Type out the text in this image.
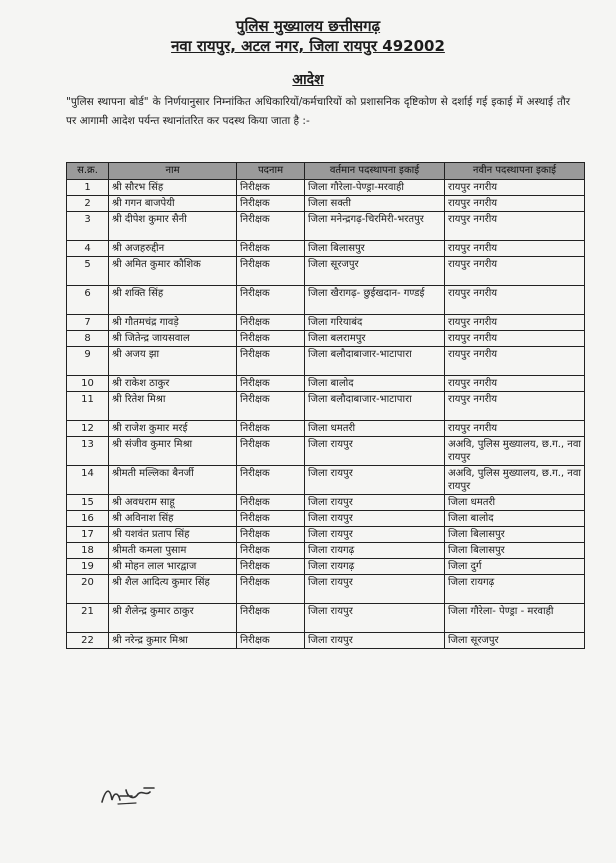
पुलिस मुख्यालय छत्तीसगढ़
नवा रायपुर, अटल नगर, जिला रायपुर 492002
आदेश
"पुलिस स्थापना बोर्ड" के निर्णयानुसार निम्नांकित अधिकारियों/कर्मचारियों को प्रशासनिक दृष्टिकोण से दर्शाई गई इकाई में अस्थाई तौर पर आगामी आदेश पर्यन्त स्थानांतरित कर पदस्थ किया जाता है :-
स.क्र.	नाम	पदनाम	वर्तमान पदस्थापना इकाई	नवीन पदस्थापना इकाई
1	श्री सौरभ सिंह	निरीक्षक	जिला गौरेला-पेण्ड्रा-मरवाही	रायपुर नगरीय
2	श्री गगन बाजपेयी	निरीक्षक	जिला सक्ती	रायपुर नगरीय
3	श्री दीपेश कुमार सैनी	निरीक्षक	जिला मनेन्द्रगढ़-चिरमिरी-भरतपुर	रायपुर नगरीय
4	श्री अजहरुद्दीन	निरीक्षक	जिला बिलासपुर	रायपुर नगरीय
5	श्री अमित कुमार कौशिक	निरीक्षक	जिला सूरजपुर	रायपुर नगरीय
6	श्री शक्ति सिंह	निरीक्षक	जिला खैरागढ़- छुईखदान- गण्डई	रायपुर नगरीय
7	श्री गौतमचंद्र गावड़े	निरीक्षक	जिला गरियाबंद	रायपुर नगरीय
8	श्री जितेन्द्र जायसवाल	निरीक्षक	जिला बलरामपुर	रायपुर नगरीय
9	श्री अजय झा	निरीक्षक	जिला बलौदाबाजार-भाटापारा	रायपुर नगरीय
10	श्री राकेश ठाकुर	निरीक्षक	जिला बालोद	रायपुर नगरीय
11	श्री रितेश मिश्रा	निरीक्षक	जिला बलौदाबाजार-भाटापारा	रायपुर नगरीय
12	श्री राजेश कुमार मरई	निरीक्षक	जिला धमतरी	रायपुर नगरीय
13	श्री संजीव कुमार मिश्रा	निरीक्षक	जिला रायपुर	अअवि, पुलिस मुख्यालय, छ.ग., नवा रायपुर
14	श्रीमती मल्लिका बैनर्जी	निरीक्षक	जिला रायपुर	अअवि, पुलिस मुख्यालय, छ.ग., नवा रायपुर
15	श्री अवधराम साहू	निरीक्षक	जिला रायपुर	जिला धमतरी
16	श्री अविनाश सिंह	निरीक्षक	जिला रायपुर	जिला बालोद
17	श्री यशवंत प्रताप सिंह	निरीक्षक	जिला रायपुर	जिला बिलासपुर
18	श्रीमती कमला पुसाम	निरीक्षक	जिला रायगढ़	जिला बिलासपुर
19	श्री मोहन लाल भारद्वाज	निरीक्षक	जिला रायगढ़	जिला दुर्ग
20	श्री शैल आदित्य कुमार सिंह	निरीक्षक	जिला रायपुर	जिला रायगढ़
21	श्री शैलेन्द्र कुमार ठाकुर	निरीक्षक	जिला रायपुर	जिला गौरेला- पेण्ड्रा - मरवाही
22	श्री नरेन्द्र कुमार मिश्रा	निरीक्षक	जिला रायपुर	जिला सूरजपुर
